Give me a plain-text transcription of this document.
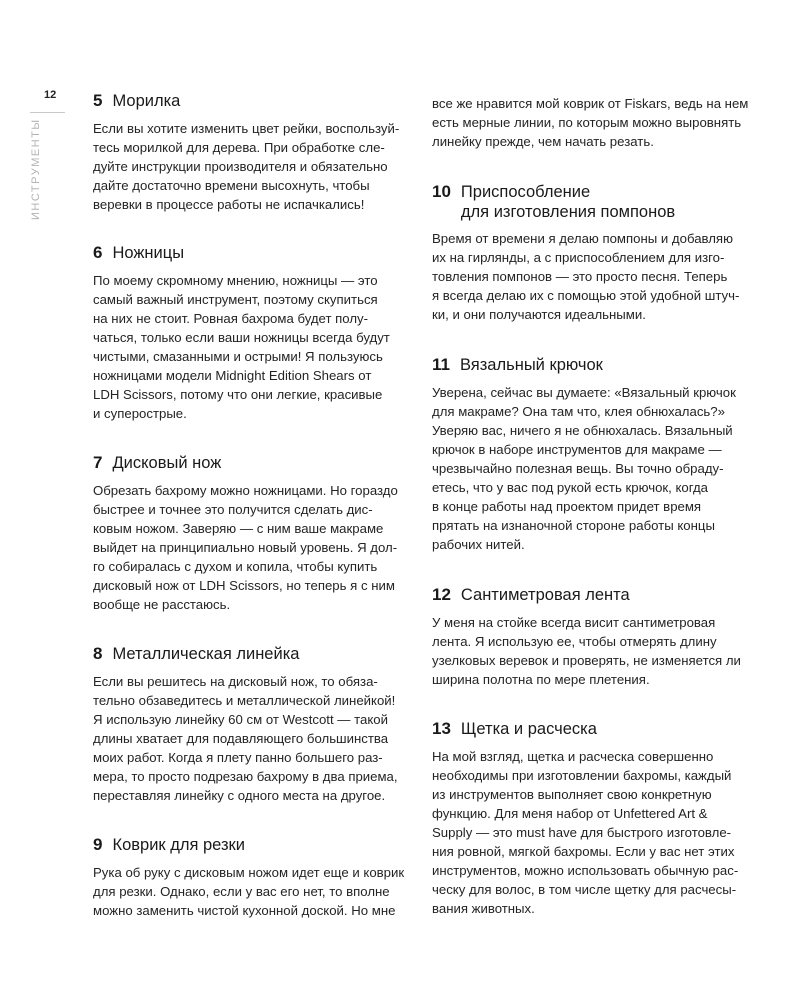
12
ИНСТРУМЕНТЫ
5 Морилка

Если вы хотите изменить цвет рейки, воспользуй-
тесь морилкой для дерева. При обработке сле-
дуйте инструкции производителя и обязательно
дайте достаточно времени высохнуть, чтобы
веревки в процессе работы не испачкались!

6 Ножницы

По моему скромному мнению, ножницы — это
самый важный инструмент, поэтому скупиться
на них не стоит. Ровная бахрома будет полу-
чаться, только если ваши ножницы всегда будут
чистыми, смазанными и острыми! Я пользуюсь
ножницами модели Midnight Edition Shears от
LDH Scissors, потому что они легкие, красивые
и суперострые.

7 Дисковый нож

Обрезать бахрому можно ножницами. Но гораздо
быстрее и точнее это получится сделать дис-
ковым ножом. Заверяю — с ним ваше макраме
выйдет на принципиально новый уровень. Я дол-
го собиралась с духом и копила, чтобы купить
дисковый нож от LDH Scissors, но теперь я с ним
вообще не расстаюсь.

8 Металлическая линейка

Если вы решитесь на дисковый нож, то обяза-
тельно обзаведитесь и металлической линейкой!
Я использую линейку 60 см от Westcott — такой
длины хватает для подавляющего большинства
моих работ. Когда я плету панно большего раз-
мера, то просто подрезаю бахрому в два приема,
переставляя линейку с одного места на другое.

9 Коврик для резки

Рука об руку с дисковым ножом идет еще и коврик
для резки. Однако, если у вас его нет, то вполне
можно заменить чистой кухонной доской. Но мне

все же нравится мой коврик от Fiskars, ведь на нем
есть мерные линии, по которым можно выровнять
линейку прежде, чем начать резать.

10 Приспособление
для изготовления помпонов

Время от времени я делаю помпоны и добавляю
их на гирлянды, а с приспособлением для изго-
товления помпонов — это просто песня. Теперь
я всегда делаю их с помощью этой удобной штуч-
ки, и они получаются идеальными.

11 Вязальный крючок

Уверена, сейчас вы думаете: «Вязальный крючок
для макраме? Она там что, клея обнюхалась?»
Уверяю вас, ничего я не обнюхалась. Вязальный
крючок в наборе инструментов для макраме —
чрезвычайно полезная вещь. Вы точно обраду-
етесь, что у вас под рукой есть крючок, когда
в конце работы над проектом придет время
прятать на изнаночной стороне работы концы
рабочих нитей.

12 Сантиметровая лента

У меня на стойке всегда висит сантиметровая
лента. Я использую ее, чтобы отмерять длину
узелковых веревок и проверять, не изменяется ли
ширина полотна по мере плетения.

13 Щетка и расческа

На мой взгляд, щетка и расческа совершенно
необходимы при изготовлении бахромы, каждый
из инструментов выполняет свою конкретную
функцию. Для меня набор от Unfettered Art &
Supply — это must have для быстрого изготовле-
ния ровной, мягкой бахромы. Если у вас нет этих
инструментов, можно использовать обычную рас-
ческу для волос, в том числе щетку для расчесы-
вания животных.
